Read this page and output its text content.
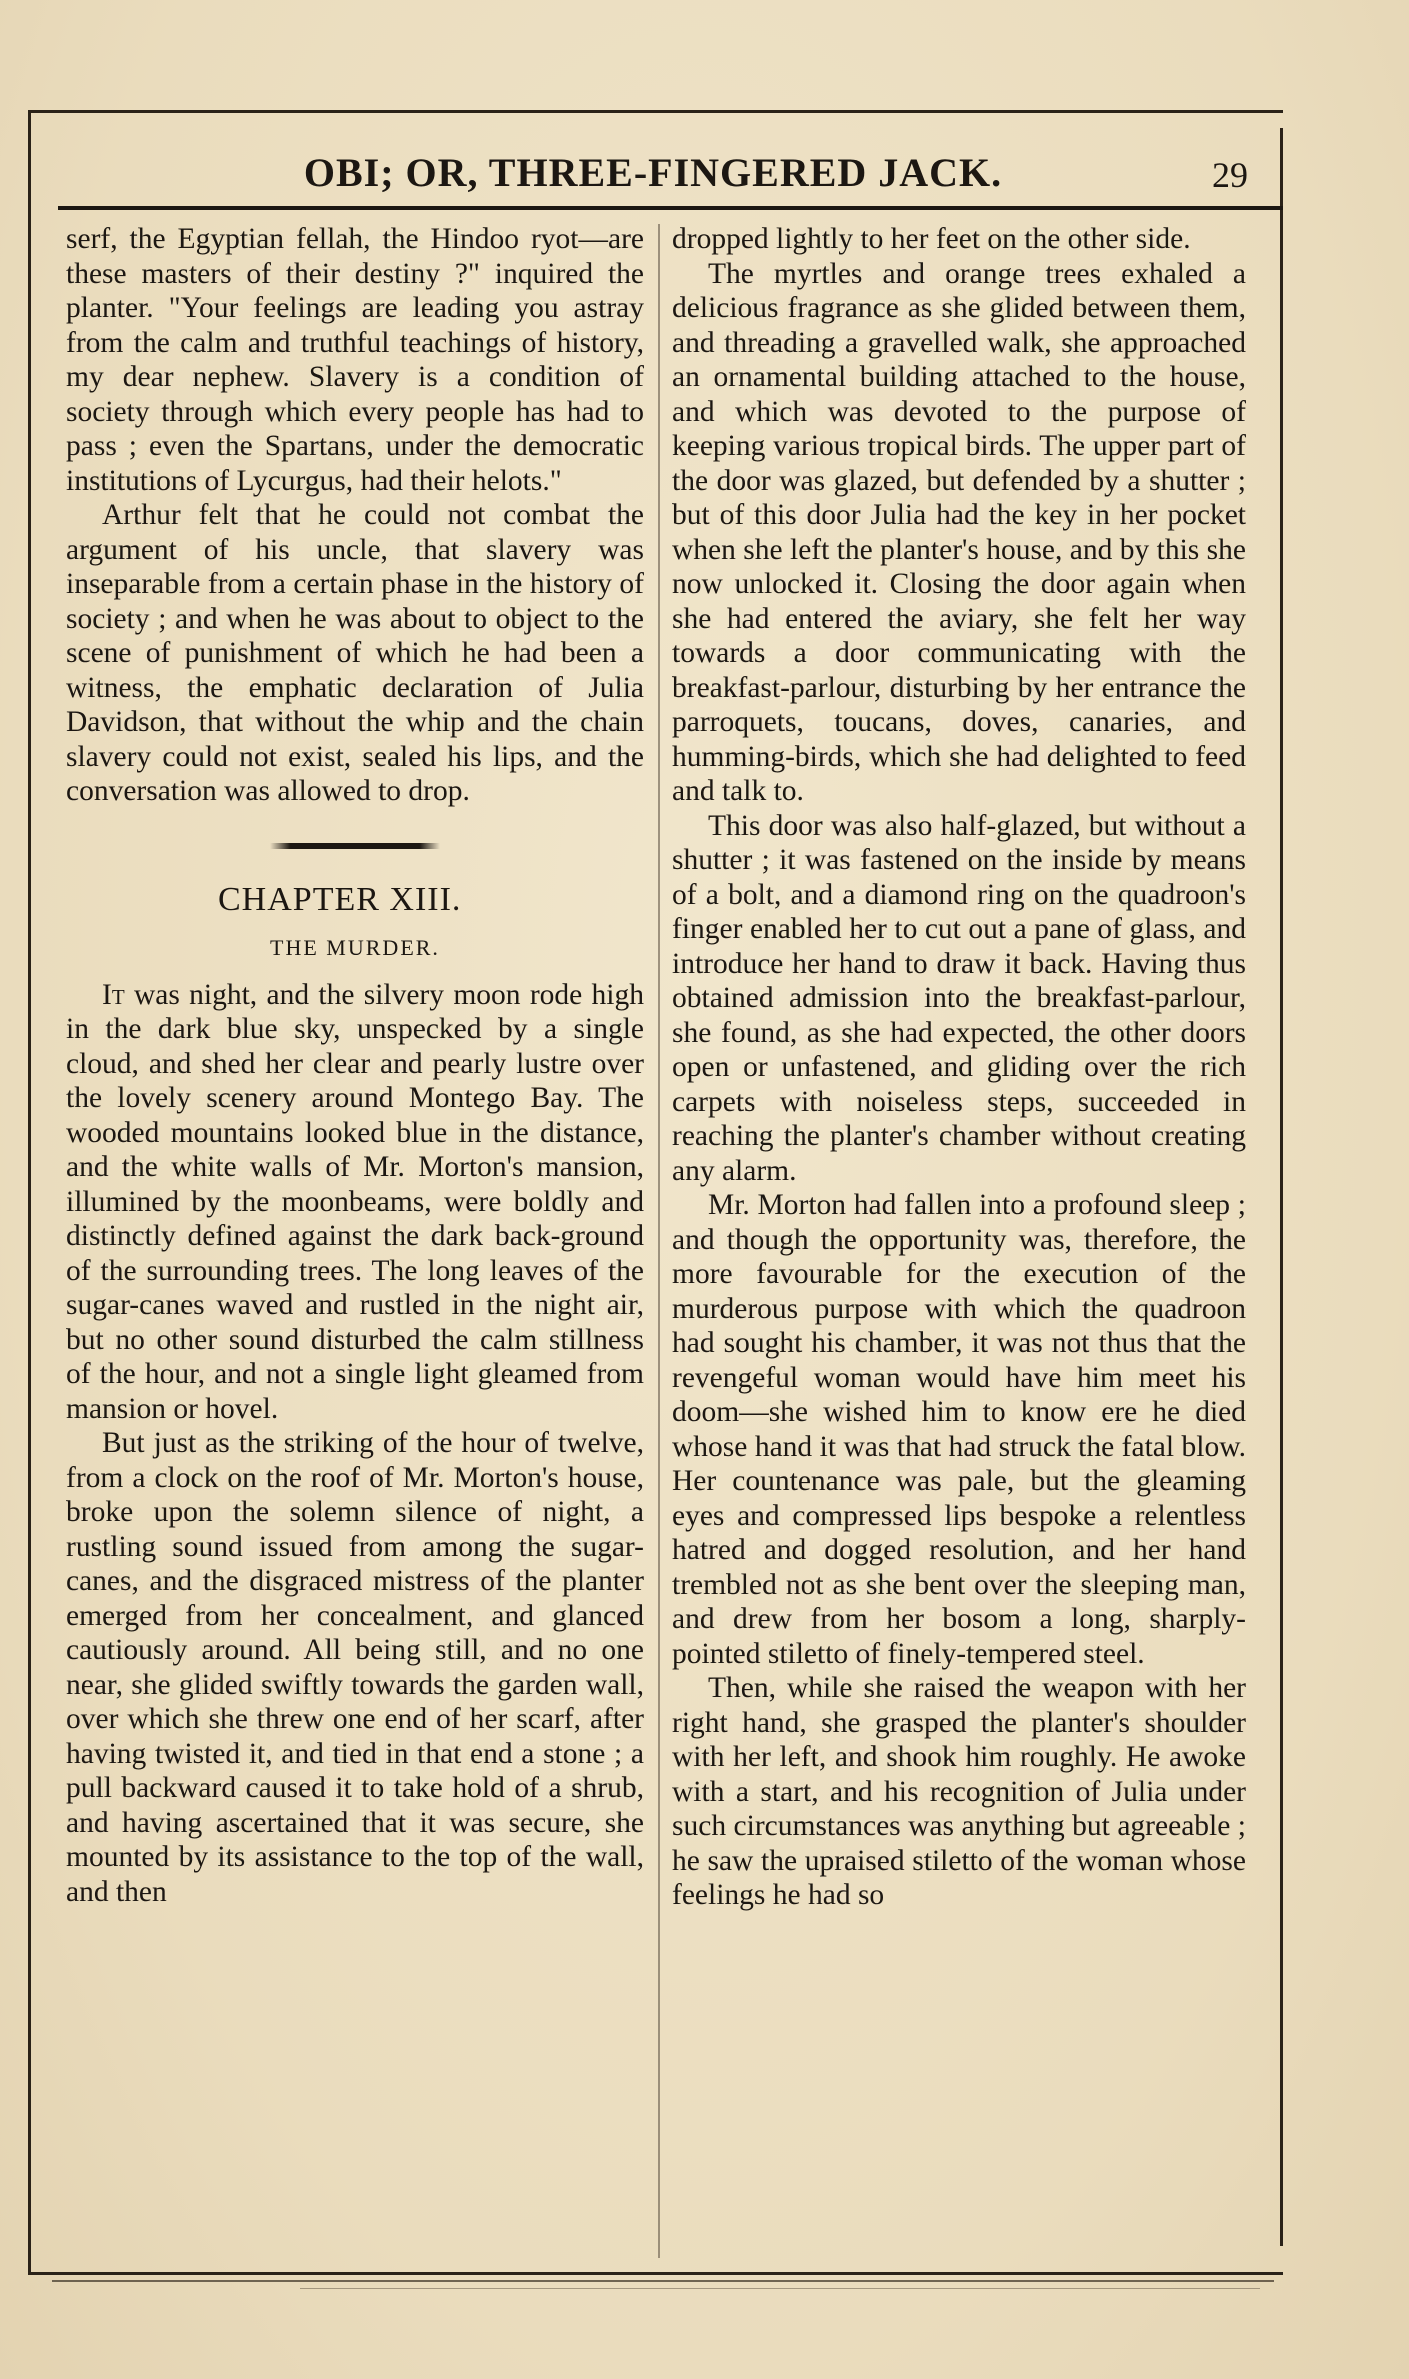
OBI; OR, THREE-FINGERED JACK.	29

serf, the Egyptian fellah, the Hindoo ryot—are these masters of their destiny ?" inquired the planter. "Your feelings are leading you astray from the calm and truthful teachings of history, my dear nephew. Slavery is a condition of society through which every people has had to pass ; even the Spartans, under the democratic institutions of Lycurgus, had their helots."

Arthur felt that he could not combat the argument of his uncle, that slavery was inseparable from a certain phase in the history of society ; and when he was about to object to the scene of punishment of which he had been a witness, the emphatic declaration of Julia Davidson, that without the whip and the chain slavery could not exist, sealed his lips, and the conversation was allowed to drop.

CHAPTER XIII.
THE MURDER.

It was night, and the silvery moon rode high in the dark blue sky, unspecked by a single cloud, and shed her clear and pearly lustre over the lovely scenery around Montego Bay. The wooded mountains looked blue in the distance, and the white walls of Mr. Morton's mansion, illumined by the moonbeams, were boldly and distinctly defined against the dark back-ground of the surrounding trees. The long leaves of the sugar-canes waved and rustled in the night air, but no other sound disturbed the calm stillness of the hour, and not a single light gleamed from mansion or hovel.

But just as the striking of the hour of twelve, from a clock on the roof of Mr. Morton's house, broke upon the solemn silence of night, a rustling sound issued from among the sugar-canes, and the disgraced mistress of the planter emerged from her concealment, and glanced cautiously around. All being still, and no one near, she glided swiftly towards the garden wall, over which she threw one end of her scarf, after having twisted it, and tied in that end a stone ; a pull backward caused it to take hold of a shrub, and having ascertained that it was secure, she mounted by its assistance to the top of the wall, and then

dropped lightly to her feet on the other side.

The myrtles and orange trees exhaled a delicious fragrance as she glided between them, and threading a gravelled walk, she approached an ornamental building attached to the house, and which was devoted to the purpose of keeping various tropical birds. The upper part of the door was glazed, but defended by a shutter ; but of this door Julia had the key in her pocket when she left the planter's house, and by this she now unlocked it. Closing the door again when she had entered the aviary, she felt her way towards a door communicating with the breakfast-parlour, disturbing by her entrance the parroquets, toucans, doves, canaries, and humming-birds, which she had delighted to feed and talk to.

This door was also half-glazed, but without a shutter ; it was fastened on the inside by means of a bolt, and a diamond ring on the quadroon's finger enabled her to cut out a pane of glass, and introduce her hand to draw it back. Having thus obtained admission into the breakfast-parlour, she found, as she had expected, the other doors open or unfastened, and gliding over the rich carpets with noiseless steps, succeeded in reaching the planter's chamber without creating any alarm.

Mr. Morton had fallen into a profound sleep ; and though the opportunity was, therefore, the more favourable for the execution of the murderous purpose with which the quadroon had sought his chamber, it was not thus that the revengeful woman would have him meet his doom—she wished him to know ere he died whose hand it was that had struck the fatal blow. Her countenance was pale, but the gleaming eyes and compressed lips bespoke a relentless hatred and dogged resolution, and her hand trembled not as she bent over the sleeping man, and drew from her bosom a long, sharply-pointed stiletto of finely-tempered steel.

Then, while she raised the weapon with her right hand, she grasped the planter's shoulder with her left, and shook him roughly. He awoke with a start, and his recognition of Julia under such circumstances was anything but agreeable ; he saw the upraised stiletto of the woman whose feelings he had so
